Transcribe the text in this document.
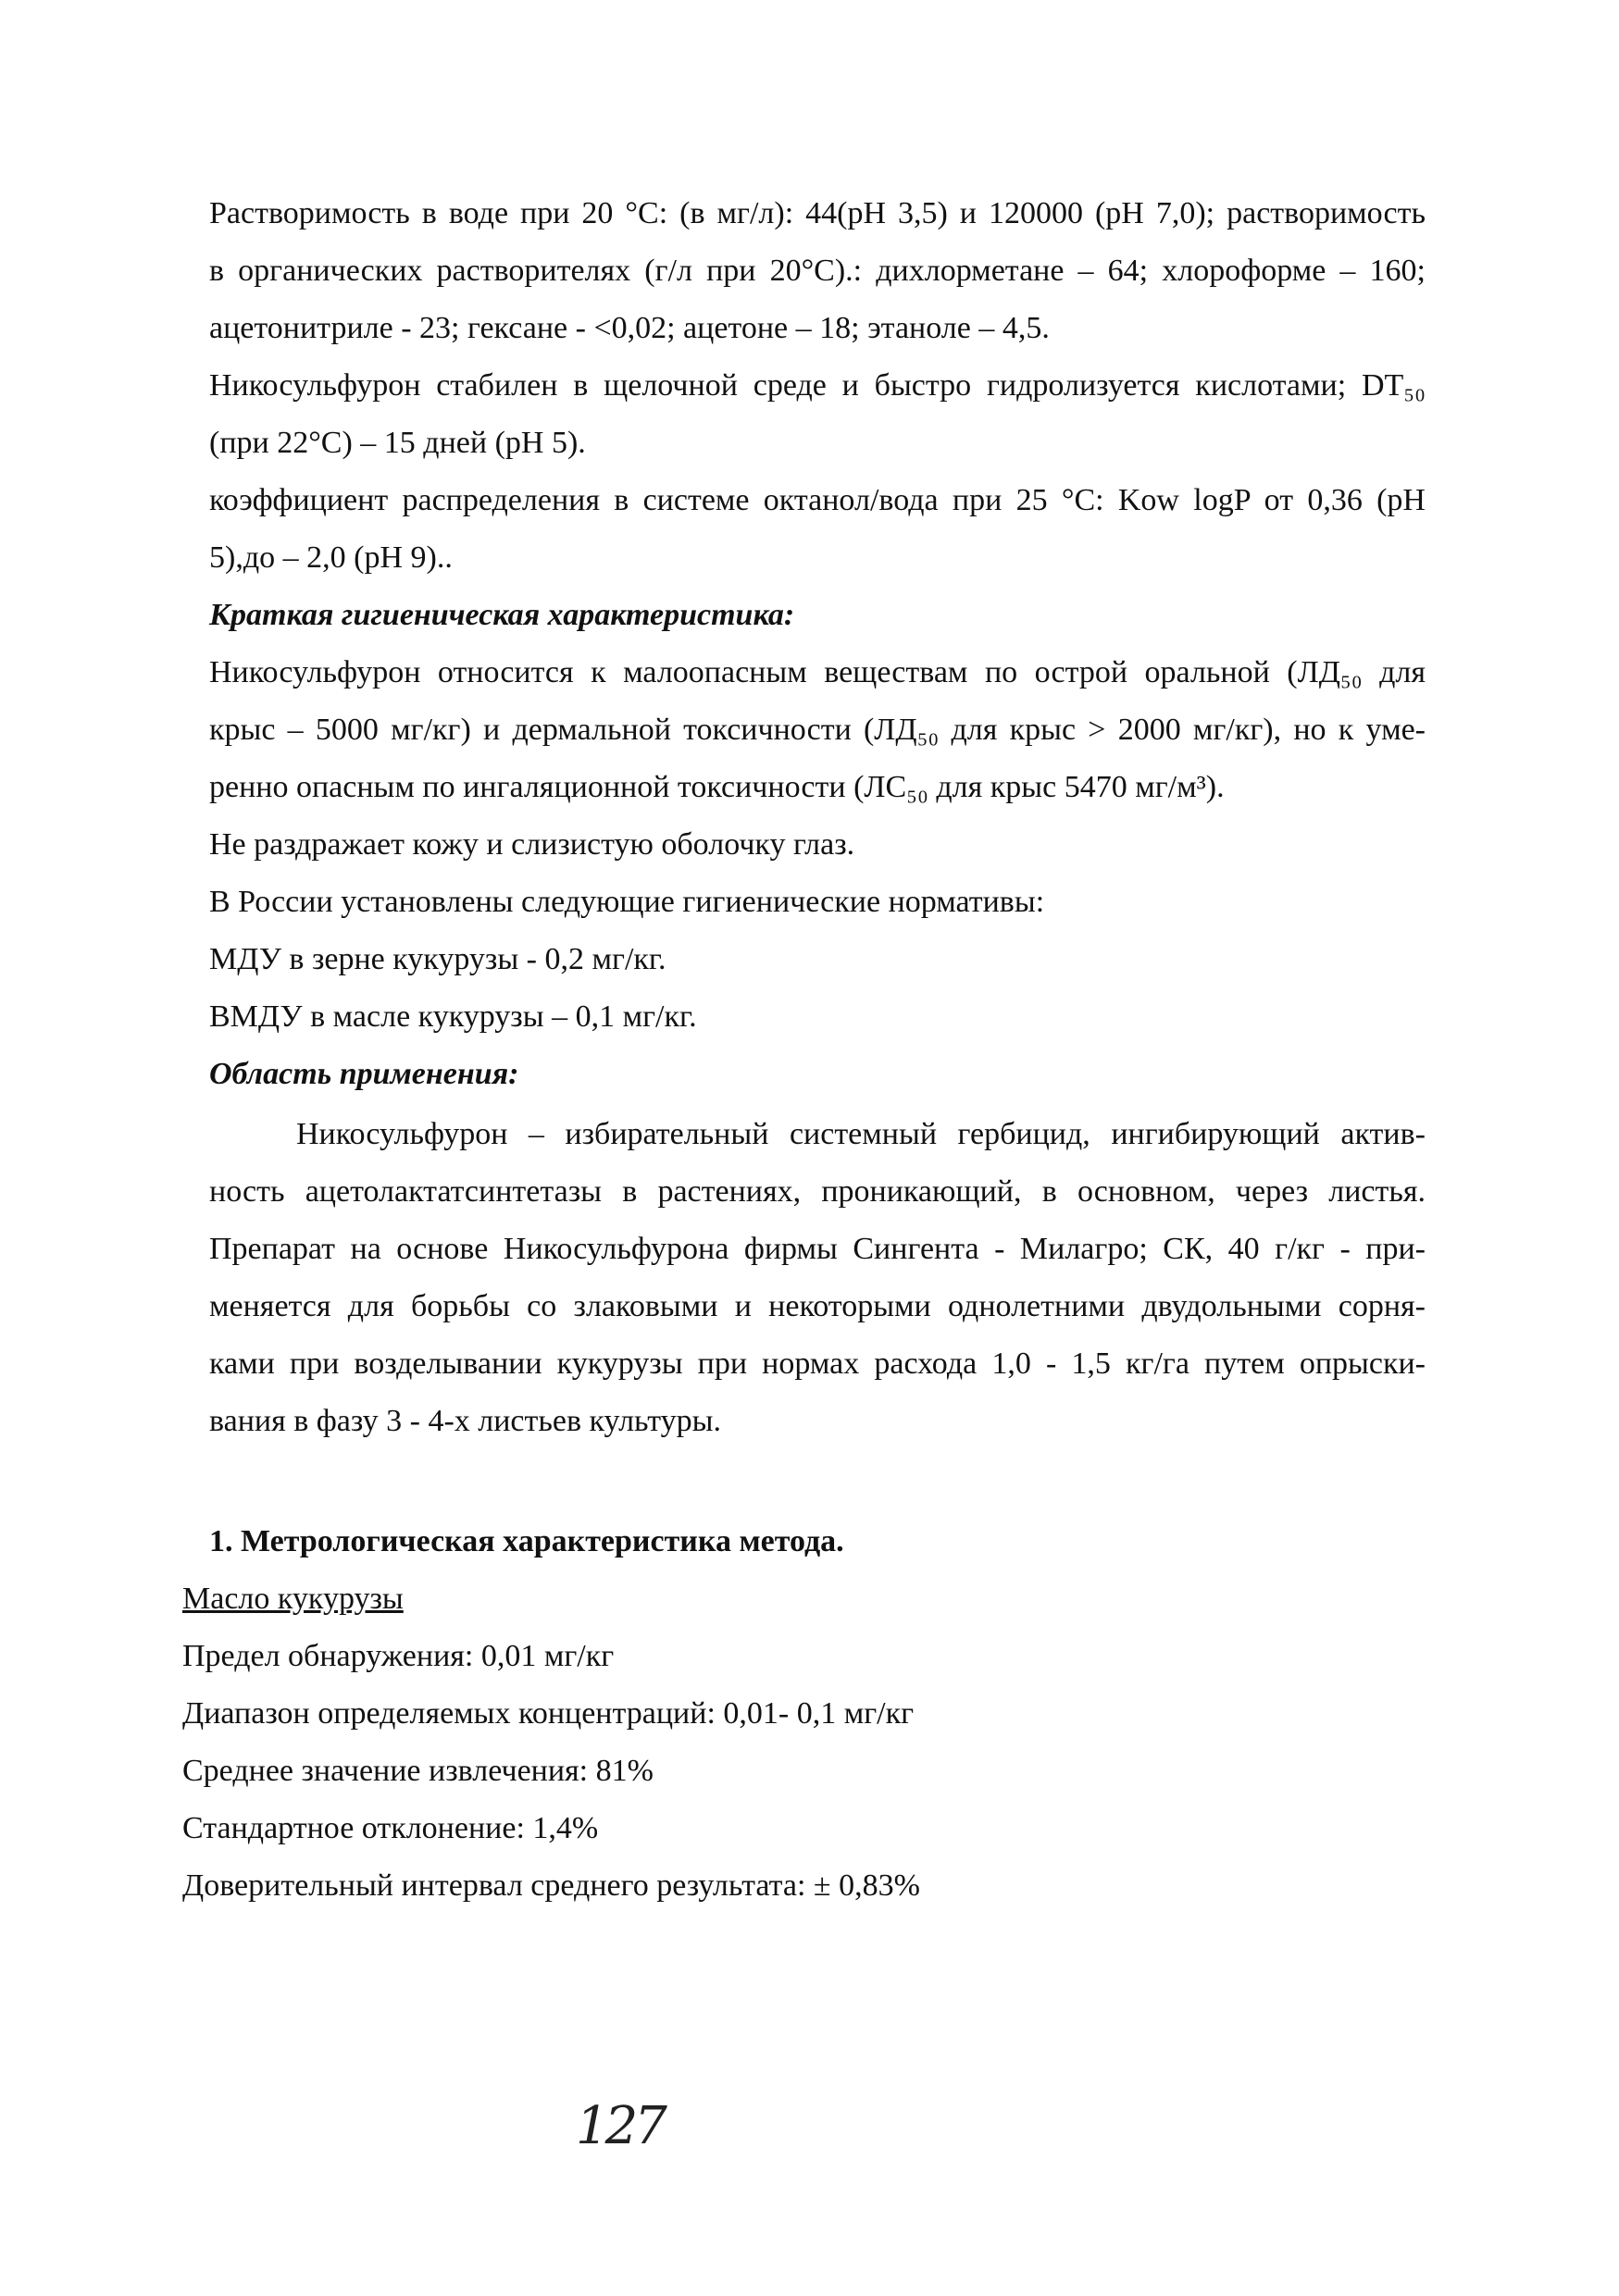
Растворимость в воде при 20 °С: (в мг/л): 44(pH 3,5) и 120000 (pH 7,0); растворимость
в органических растворителях (г/л при 20°С).: дихлорметане – 64; хлороформе – 160;
ацетонитриле - 23; гексане - <0,02; ацетоне – 18; этаноле – 4,5.
Никосульфурон стабилен в щелочной среде и быстро гидролизуется кислотами; DT₅₀
(при 22°С) – 15 дней (pH 5).
коэффициент распределения в системе октанол/вода при 25 °С: Kow logP от 0,36 (pH
5),до – 2,0 (pH 9)..
Краткая гигиеническая характеристика:
Никосульфурон относится к малоопасным веществам по острой оральной (ЛД₅₀ для
крыс – 5000 мг/кг) и дермальной токсичности (ЛД₅₀ для крыс > 2000 мг/кг), но к уме-
ренно опасным по ингаляционной токсичности (ЛС₅₀ для крыс 5470 мг/м³).
Не раздражает кожу и слизистую оболочку глаз.
В России установлены следующие гигиенические нормативы:
МДУ в зерне кукурузы - 0,2 мг/кг.
ВМДУ в масле кукурузы – 0,1 мг/кг.
Область применения:
Никосульфурон – избирательный системный гербицид, ингибирующий актив-
ность ацетолактатсинтетазы в растениях, проникающий, в основном, через листья.
Препарат на основе Никосульфурона фирмы Сингента - Милагро; СК, 40 г/кг - при-
меняется для борьбы со злаковыми и некоторыми однолетними двудольными сорня-
ками при возделывании кукурузы при нормах расхода 1,0 - 1,5 кг/га путем опрыски-
вания в фазу 3 - 4-х листьев культуры.
1. Метрологическая характеристика метода.
Масло кукурузы
Предел обнаружения: 0,01 мг/кг
Диапазон определяемых концентраций: 0,01- 0,1 мг/кг
Среднее значение извлечения: 81%
Стандартное отклонение: 1,4%
Доверительный интервал среднего результата: ± 0,83%
127
